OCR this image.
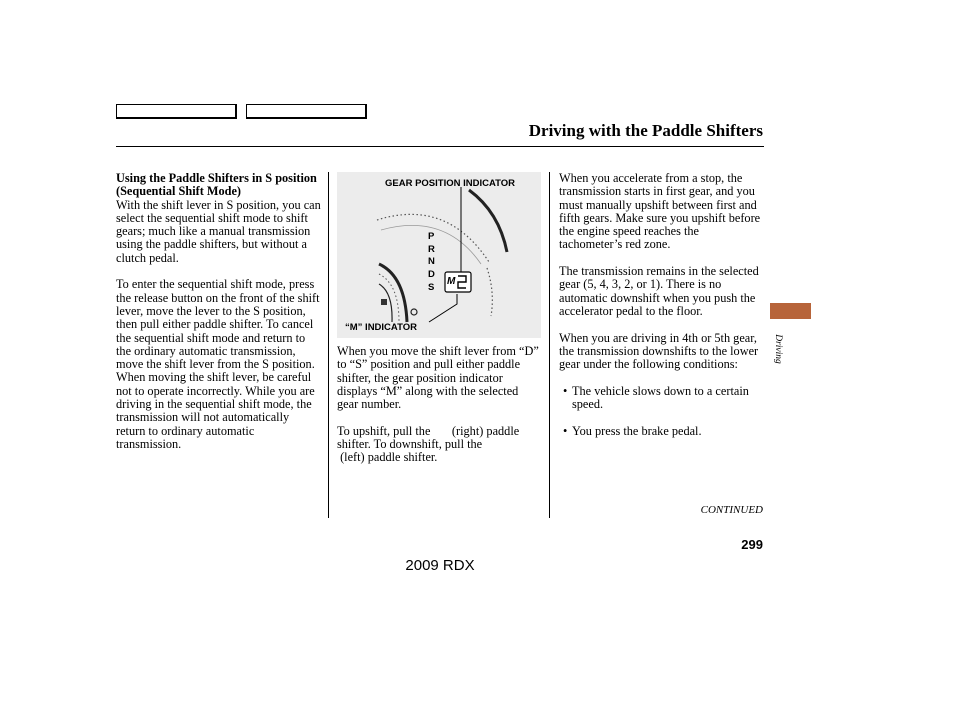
Driving with the Paddle Shifters
Using the Paddle Shifters in S position (Sequential Shift Mode)

With the shift lever in S position, you can select the sequential shift mode to shift gears; much like a manual transmission using the paddle shifters, but without a clutch pedal.

To enter the sequential shift mode, press the release button on the front of the shift lever, move the lever to the S position, then pull either paddle shifter. To cancel the sequential shift mode and return to the ordinary automatic transmission, move the shift lever from the S position. When moving the shift lever, be careful not to operate incorrectly. While you are driving in the sequential shift mode, the transmission will not automatically return to ordinary automatic transmission.

GEAR POSITION INDICATOR
“M” INDICATOR
P
R
N
D
S
M

When you move the shift lever from “D” to “S” position and pull either paddle shifter, the gear position indicator displays “M” along with the selected gear number.

To upshift, pull the       (right) paddle
shifter. To downshift, pull the
(left) paddle shifter.

When you accelerate from a stop, the transmission starts in first gear, and you must manually upshift between first and fifth gears. Make sure you upshift before the engine speed reaches the tachometer’s red zone.

The transmission remains in the selected gear (5, 4, 3, 2, or 1). There is no automatic downshift when you push the accelerator pedal to the floor.

When you are driving in 4th or 5th gear, the transmission downshifts to the lower gear under the following conditions:

• The vehicle slows down to a certain speed.
• You press the brake pedal.
Driving
CONTINUED
299
2009 RDX
